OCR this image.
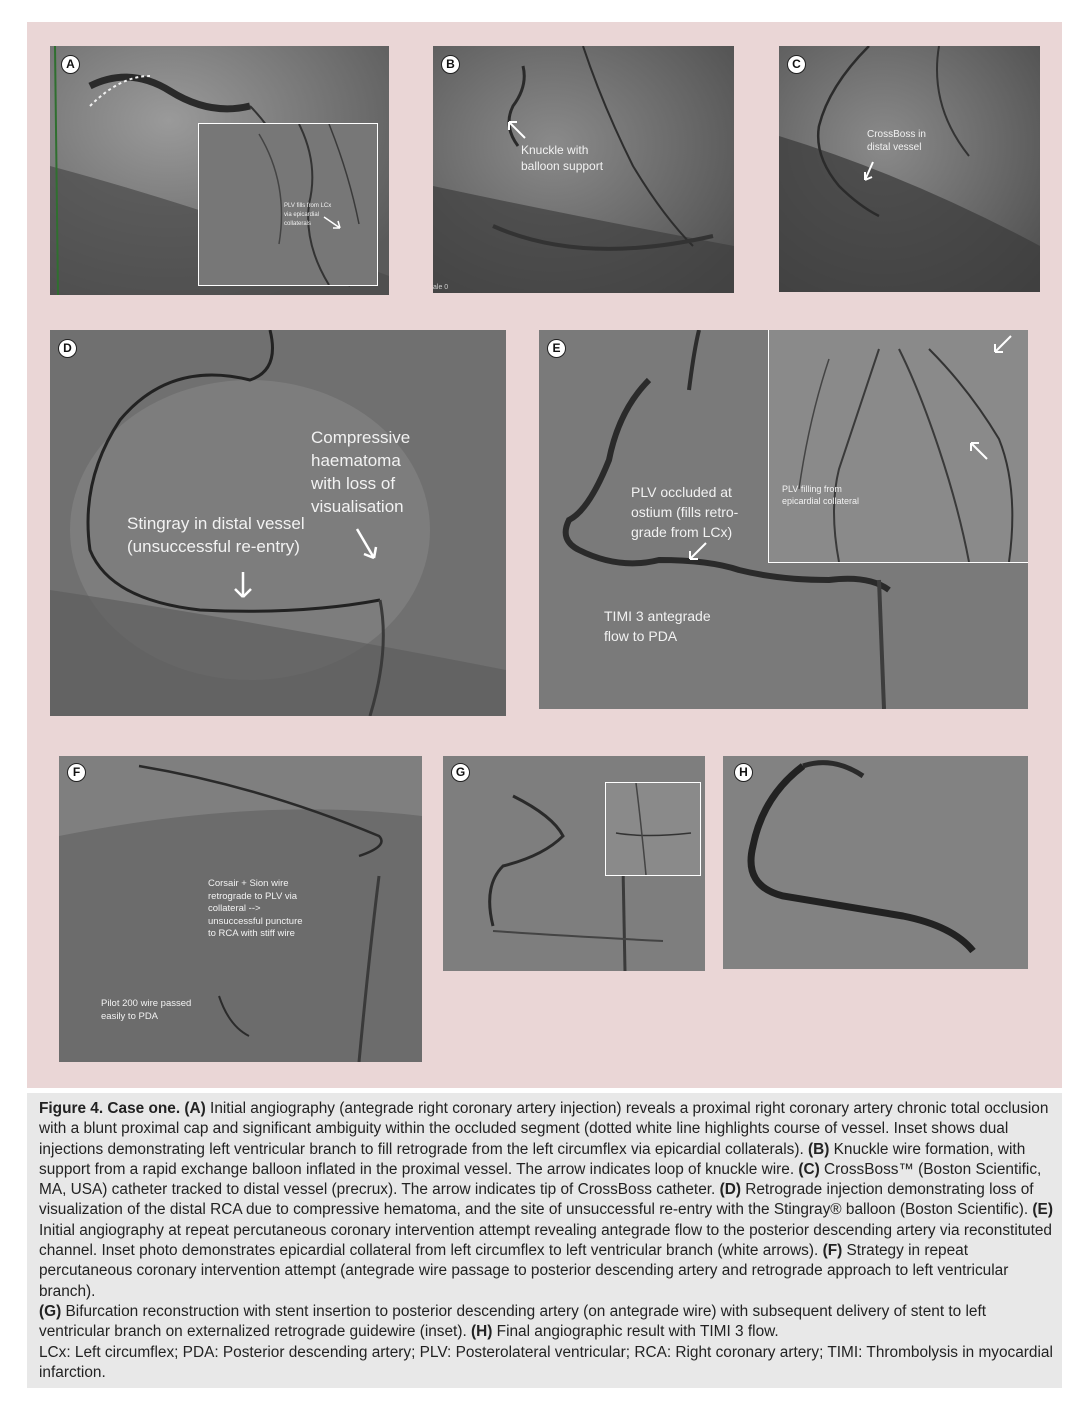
A
PLV fills from LCx
via epicardial
collaterals
B
Knuckle with
balloon support
ale 0
C
CrossBoss in
distal vessel
D
Stingray in distal vessel
(unsuccessful re-entry)
Compressive
haematoma
with loss of
visualisation
E
PLV occluded at
ostium (fills retro-
grade from LCx)
TIMI 3 antegrade
flow to PDA
PLV filling from
epicardial collateral
F
Corsair + Sion wire
retrograde to PLV via
collateral -->
unsuccessful puncture
to RCA with stiff wire
Pilot 200 wire passed
easily to PDA
G	H
Figure 4. Case one. (A) Initial angiography (antegrade right coronary artery injection) reveals a proximal right coronary artery chronic total occlusion with a blunt proximal cap and significant ambiguity within the occluded segment (dotted white line highlights course of vessel. Inset shows dual injections demonstrating left ventricular branch to fill retrograde from the left circumflex via epicardial collaterals). (B) Knuckle wire formation, with support from a rapid exchange balloon inflated in the proximal vessel. The arrow indicates loop of knuckle wire. (C) CrossBoss™ (Boston Scientific, MA, USA) catheter tracked to distal vessel (precrux). The arrow indicates tip of CrossBoss catheter. (D) Retrograde injection demonstrating loss of visualization of the distal RCA due to compressive hematoma, and the site of unsuccessful re-entry with the Stingray® balloon (Boston Scientific). (E) Initial angiography at repeat percutaneous coronary intervention attempt revealing antegrade flow to the posterior descending artery via reconstituted channel. Inset photo demonstrates epicardial collateral from left circumflex to left ventricular branch (white arrows). (F) Strategy in repeat percutaneous coronary intervention attempt (antegrade wire passage to posterior descending artery and retrograde approach to left ventricular branch).
(G) Bifurcation reconstruction with stent insertion to posterior descending artery (on antegrade wire) with subsequent delivery of stent to left ventricular branch on externalized retrograde guidewire (inset). (H) Final angiographic result with TIMI 3 flow.
LCx: Left circumflex; PDA: Posterior descending artery; PLV: Posterolateral ventricular; RCA: Right coronary artery; TIMI: Thrombolysis in myocardial infarction.
